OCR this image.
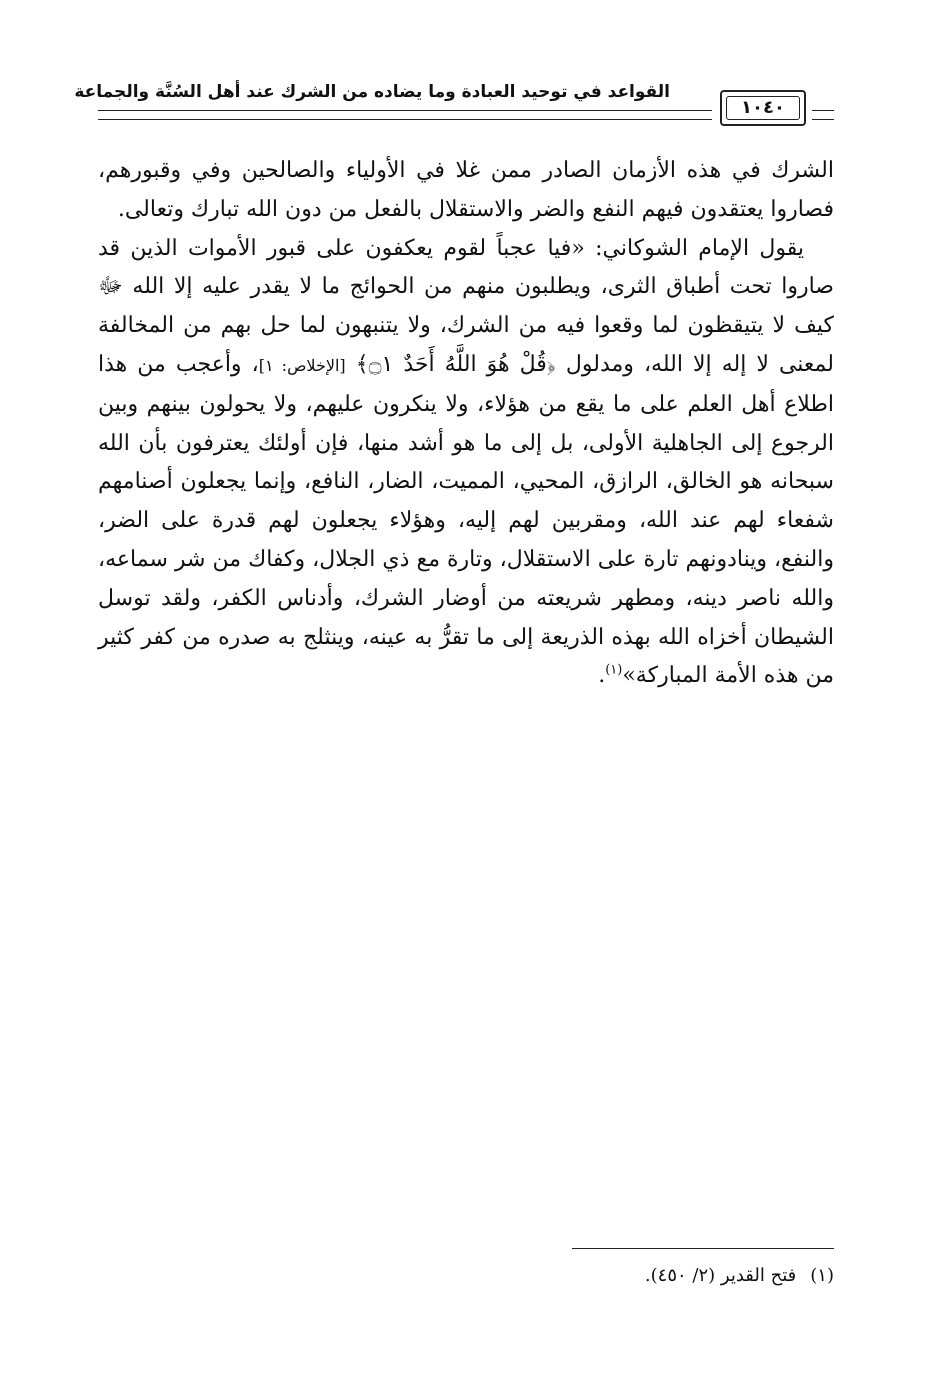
القواعد في توحيد العبادة وما يضاده من الشرك عند أهل السُنَّة والجماعة
١٠٤٠

الشرك في هذه الأزمان الصادر ممن غلا في الأولياء والصالحين وفي وقبورهم، فصاروا يعتقدون فيهم النفع والضر والاستقلال بالفعل من دون الله تبارك وتعالى.

يقول الإمام الشوكاني: «فيا عجباً لقوم يعكفون على قبور الأموات الذين قد صاروا تحت أطباق الثرى، ويطلبون منهم من الحوائج ما لا يقدر عليه إلا الله ﷻ كيف لا يتيقظون لما وقعوا فيه من الشرك، ولا يتنبهون لما حل بهم من المخالفة لمعنى لا إله إلا الله، ومدلول ﴿قُلْ هُوَ اللَّهُ أَحَدٌ ۝١﴾ [الإخلاص: ١]، وأعجب من هذا اطلاع أهل العلم على ما يقع من هؤلاء، ولا ينكرون عليهم، ولا يحولون بينهم وبين الرجوع إلى الجاهلية الأولى، بل إلى ما هو أشد منها، فإن أولئك يعترفون بأن الله سبحانه هو الخالق، الرازق، المحيي، المميت، الضار، النافع، وإنما يجعلون أصنامهم شفعاء لهم عند الله، ومقربين لهم إليه، وهؤلاء يجعلون لهم قدرة على الضر، والنفع، وينادونهم تارة على الاستقلال، وتارة مع ذي الجلال، وكفاك من شر سماعه، والله ناصر دينه، ومطهر شريعته من أوضار الشرك، وأدناس الكفر، ولقد توسل الشيطان أخزاه الله بهذه الذريعة إلى ما تقرُّ به عينه، وينثلج به صدره من كفر كثير من هذه الأمة المباركة»$^{(١)}$.

(١)فتح القدير (٢/ ٤٥٠).
